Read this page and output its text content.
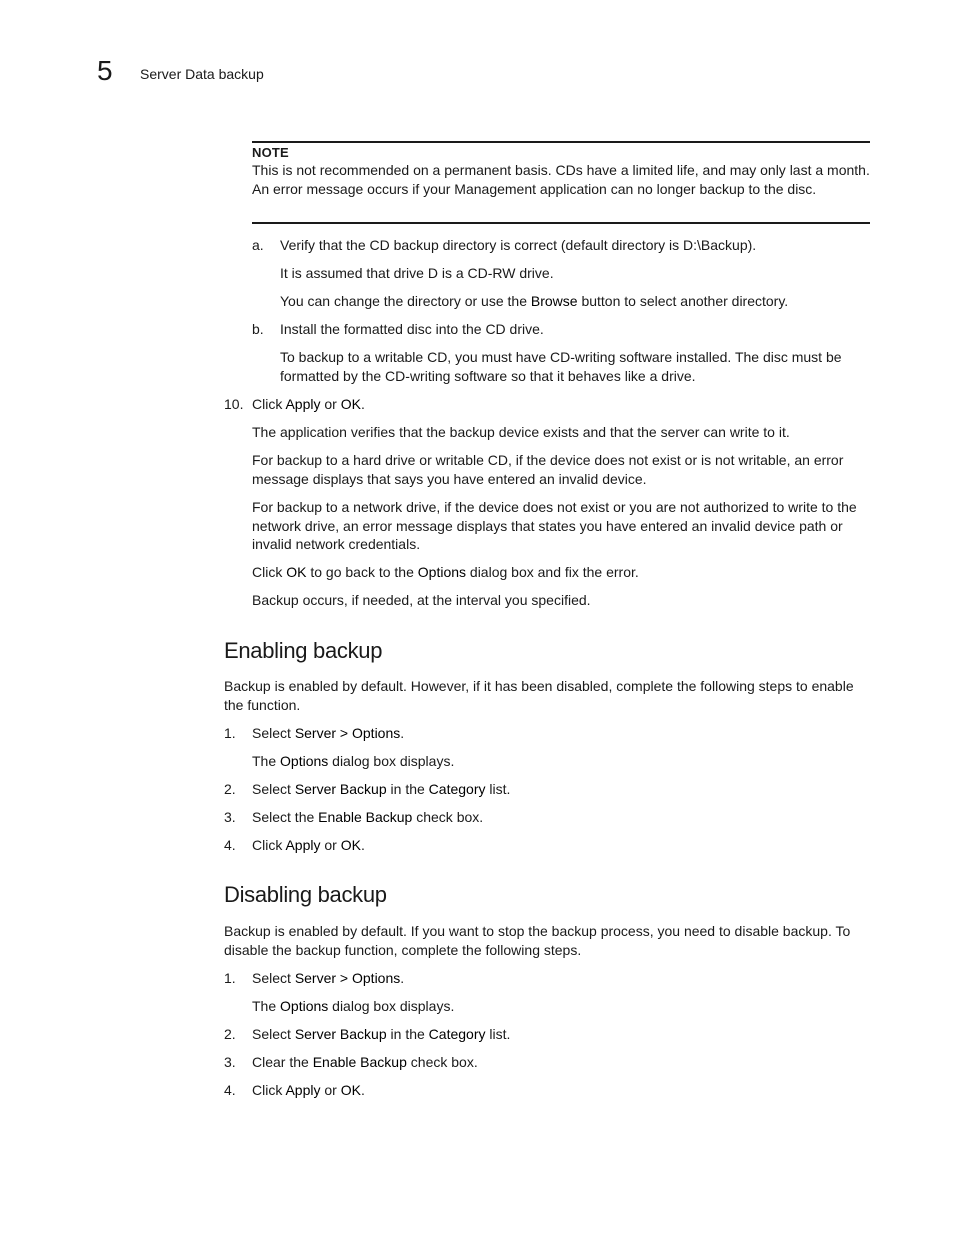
5 Server Data backup
NOTE
This is not recommended on a permanent basis. CDs have a limited life, and may only last a month. An error message occurs if your Management application can no longer backup to the disc.
a. Verify that the CD backup directory is correct (default directory is D:\Backup).
It is assumed that drive D is a CD-RW drive.
You can change the directory or use the Browse button to select another directory.
b. Install the formatted disc into the CD drive.
To backup to a writable CD, you must have CD-writing software installed. The disc must be formatted by the CD-writing software so that it behaves like a drive.
10. Click Apply or OK.
The application verifies that the backup device exists and that the server can write to it.
For backup to a hard drive or writable CD, if the device does not exist or is not writable, an error message displays that says you have entered an invalid device.
For backup to a network drive, if the device does not exist or you are not authorized to write to the network drive, an error message displays that states you have entered an invalid device path or invalid network credentials.
Click OK to go back to the Options dialog box and fix the error.
Backup occurs, if needed, at the interval you specified.
Enabling backup
Backup is enabled by default. However, if it has been disabled, complete the following steps to enable the function.
1. Select Server > Options.
The Options dialog box displays.
2. Select Server Backup in the Category list.
3. Select the Enable Backup check box.
4. Click Apply or OK.
Disabling backup
Backup is enabled by default. If you want to stop the backup process, you need to disable backup. To disable the backup function, complete the following steps.
1. Select Server > Options.
The Options dialog box displays.
2. Select Server Backup in the Category list.
3. Clear the Enable Backup check box.
4. Click Apply or OK.
